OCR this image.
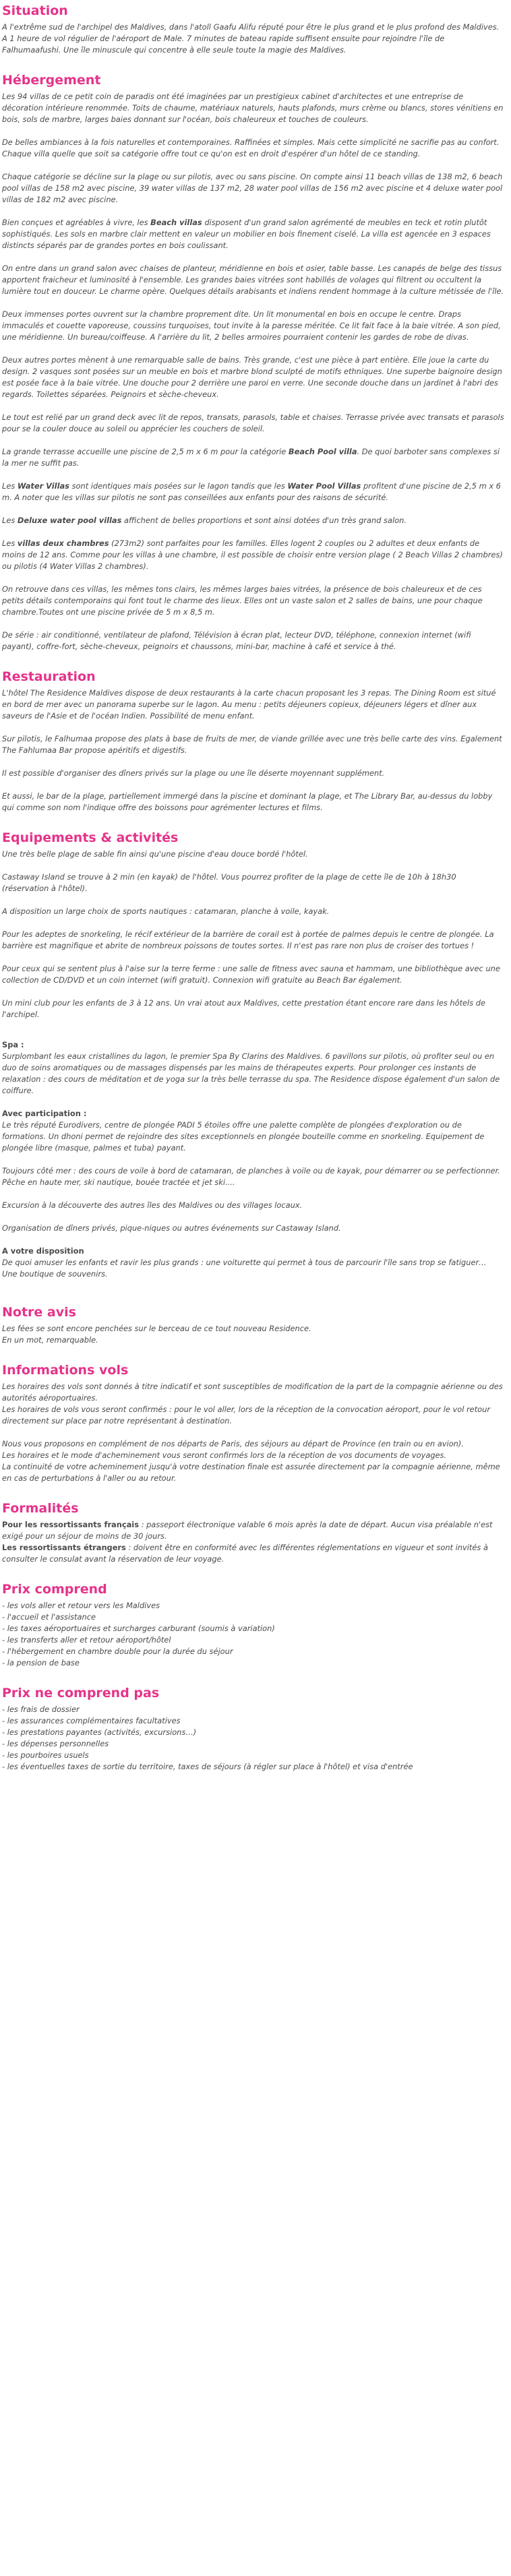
Situation

A l'extrême sud de l'archipel des Maldives, dans l'atoll Gaafu Alifu réputé pour être le plus grand et le plus profond des Maldives. A 1 heure de vol régulier de l'aéroport de Male. 7 minutes de bateau rapide suffisent ensuite pour rejoindre l'île de Falhumaafushi. Une île minuscule qui concentre à elle seule toute la magie des Maldives.

Hébergement

Les 94 villas de ce petit coin de paradis ont été imaginées par un prestigieux cabinet d'architectes et une entreprise de décoration intérieure renommée. Toits de chaume, matériaux naturels, hauts plafonds, murs crème ou blancs, stores vénitiens en bois, sols de marbre, larges baies donnant sur l'océan, bois chaleureux et touches de couleurs.

De belles ambiances à la fois naturelles et contemporaines. Raffinées et simples. Mais cette simplicité ne sacrifie pas au confort. Chaque villa quelle que soit sa catégorie offre tout ce qu'on est en droit d'espérer d'un hôtel de ce standing.

Chaque catégorie se décline sur la plage ou sur pilotis, avec ou sans piscine. On compte ainsi 11 beach villas de 138 m2, 6 beach pool villas de 158 m2 avec piscine, 39 water villas de 137 m2, 28 water pool villas de 156 m2 avec piscine et 4 deluxe water pool villas de 182 m2 avec piscine.

Bien conçues et agréables à vivre, les Beach villas disposent d'un grand salon agrémenté de meubles en teck et rotin plutôt sophistiqués. Les sols en marbre clair mettent en valeur un mobilier en bois finement ciselé. La villa est agencée en 3 espaces distincts séparés par de grandes portes en bois coulissant.

On entre dans un grand salon avec chaises de planteur, méridienne en bois et osier, table basse. Les canapés de belge des tissus apportent fraicheur et luminosité à l'ensemble. Les grandes baies vitrées sont habillés de volages qui filtrent ou occultent la lumière tout en douceur. Le charme opère. Quelques détails arabisants et indiens rendent hommage à la culture métissée de l'île.

Deux immenses portes ouvrent sur la chambre proprement dite. Un lit monumental en bois en occupe le centre. Draps immaculés et couette vaporeuse, coussins turquoises, tout invite à la paresse méritée. Ce lit fait face à la baie vitrée. A son pied, une méridienne. Un bureau/coiffeuse. A l'arrière du lit, 2 belles armoires pourraient contenir les gardes de robe de divas.

Deux autres portes mènent à une remarquable salle de bains. Très grande, c'est une pièce à part entière. Elle joue la carte du design. 2 vasques sont posées sur un meuble en bois et marbre blond sculpté de motifs ethniques. Une superbe baignoire design est posée face à la baie vitrée. Une douche pour 2 derrière une paroi en verre. Une seconde douche dans un jardinet à l'abri des regards. Toilettes séparées. Peignoirs et sèche-cheveux.

Le tout est relié par un grand deck avec lit de repos, transats, parasols, table et chaises. Terrasse privée avec transats et parasols pour se la couler douce au soleil ou apprécier les couchers de soleil.

La grande terrasse accueille une piscine de 2,5 m x 6 m pour la catégorie Beach Pool villa. De quoi barboter sans complexes si la mer ne suffit pas.

Les Water Villas sont identiques mais posées sur le lagon tandis que les Water Pool Villas profitent d'une piscine de 2,5 m x 6 m. A noter que les villas sur pilotis ne sont pas conseillées aux enfants pour des raisons de sécurité.

Les Deluxe water pool villas affichent de belles proportions et sont ainsi dotées d'un très grand salon.

Les villas deux chambres (273m2) sont parfaites pour les familles. Elles logent 2 couples ou 2 adultes et deux enfants de moins de 12 ans. Comme pour les villas à une chambre, il est possible de choisir entre version plage ( 2 Beach Villas 2 chambres) ou pilotis (4 Water Villas 2 chambres).

On retrouve dans ces villas, les mêmes tons clairs, les mêmes larges baies vitrées, la présence de bois chaleureux et de ces petits détails contemporains qui font tout le charme des lieux. Elles ont un vaste salon et 2 salles de bains, une pour chaque chambre.Toutes ont une piscine privée de 5 m x 8,5 m.

De série : air conditionné, ventilateur de plafond, Télévision à écran plat, lecteur DVD, téléphone, connexion internet (wifi payant), coffre-fort, sèche-cheveux, peignoirs et chaussons, mini-bar, machine à café et service à thé.

Restauration

L'hôtel The Residence Maldives dispose de deux restaurants à la carte chacun proposant les 3 repas. The Dining Room est situé en bord de mer avec un panorama superbe sur le lagon. Au menu : petits déjeuners copieux, déjeuners légers et dîner aux saveurs de l'Asie et de l'océan Indien. Possibilité de menu enfant.

Sur pilotis, le Falhumaa propose des plats à base de fruits de mer, de viande grillée avec une très belle carte des vins. Egalement The Fahlumaa Bar propose apéritifs et digestifs.

Il est possible d'organiser des dîners privés sur la plage ou une île déserte moyennant supplément.

Et aussi, le bar de la plage, partiellement immergé dans la piscine et dominant la plage, et The Library Bar, au-dessus du lobby qui comme son nom l'indique offre des boissons pour agrémenter lectures et films.

Equipements & activités

Une très belle plage de sable fin ainsi qu'une piscine d'eau douce bordé l'hôtel.

Castaway Island se trouve à 2 min (en kayak) de l'hôtel. Vous pourrez profiter de la plage de cette île de 10h à 18h30 (réservation à l'hôtel).

A disposition un large choix de sports nautiques : catamaran, planche à voile, kayak.

Pour les adeptes de snorkeling, le récif extérieur de la barrière de corail est à portée de palmes depuis le centre de plongée. La barrière est magnifique et abrite de nombreux poissons de toutes sortes. Il n'est pas rare non plus de croiser des tortues !

Pour ceux qui se sentent plus à l'aise sur la terre ferme : une salle de fitness avec sauna et hammam, une bibliothèque avec une collection de CD/DVD et un coin internet (wifi gratuit). Connexion wifi gratuite au Beach Bar également.

Un mini club pour les enfants de 3 à 12 ans. Un vrai atout aux Maldives, cette prestation étant encore rare dans les hôtels de l'archipel.

Spa :
Surplombant les eaux cristallines du lagon, le premier Spa By Clarins des Maldives. 6 pavillons sur pilotis, où profiter seul ou en duo de soins aromatiques ou de massages dispensés par les mains de thérapeutes experts. Pour prolonger ces instants de relaxation : des cours de méditation et de yoga sur la très belle terrasse du spa. The Residence dispose également d'un salon de coiffure.

Avec participation :
Le très réputé Eurodivers, centre de plongée PADI 5 étoiles offre une palette complète de plongées d'exploration ou de formations. Un dhoni permet de rejoindre des sites exceptionnels en plongée bouteille comme en snorkeling. Equipement de plongée libre (masque, palmes et tuba) payant.

Toujours côté mer : des cours de voile à bord de catamaran, de planches à voile ou de kayak, pour démarrer ou se perfectionner. Pêche en haute mer, ski nautique, bouée tractée et jet ski....

Excursion à la découverte des autres îles des Maldives ou des villages locaux.

Organisation de dîners privés, pique-niques ou autres événements sur Castaway Island.

A votre disposition
De quoi amuser les enfants et ravir les plus grands : une voiturette qui permet à tous de parcourir l'île sans trop se fatiguer…
Une boutique de souvenirs.

Notre avis

Les fées se sont encore penchées sur le berceau de ce tout nouveau Residence.
En un mot, remarquable.

Informations vols

Les horaires des vols sont donnés à titre indicatif et sont susceptibles de modification de la part de la compagnie aérienne ou des autorités aéroportuaires.
Les horaires de vols vous seront confirmés : pour le vol aller, lors de la réception de la convocation aéroport, pour le vol retour directement sur place par notre représentant à destination.

Nous vous proposons en complément de nos départs de Paris, des séjours au départ de Province (en train ou en avion).
Les horaires et le mode d'acheminement vous seront confirmés lors de la réception de vos documents de voyages.
La continuité de votre acheminement jusqu'à votre destination finale est assurée directement par la compagnie aérienne, même en cas de perturbations à l'aller ou au retour.

Formalités

Pour les ressortissants français : passeport électronique valable 6 mois après la date de départ. Aucun visa préalable n'est exigé pour un séjour de moins de 30 jours.
Les ressortissants étrangers : doivent être en conformité avec les différentes réglementations en vigueur et sont invités à consulter le consulat avant la réservation de leur voyage.

Prix comprend
- les vols aller et retour vers les Maldives
- l'accueil et l'assistance
- les taxes aéroportuaires et surcharges carburant (soumis à variation)
- les transferts aller et retour aéroport/hôtel
- l'hébergement en chambre double pour la durée du séjour
- la pension de base
Prix ne comprend pas
- les frais de dossier
- les assurances complémentaires facultatives
- les prestations payantes (activités, excursions…)
- les dépenses personnelles
- les pourboires usuels
- les éventuelles taxes de sortie du territoire, taxes de séjours (à régler sur place à l'hôtel) et visa d'entrée
